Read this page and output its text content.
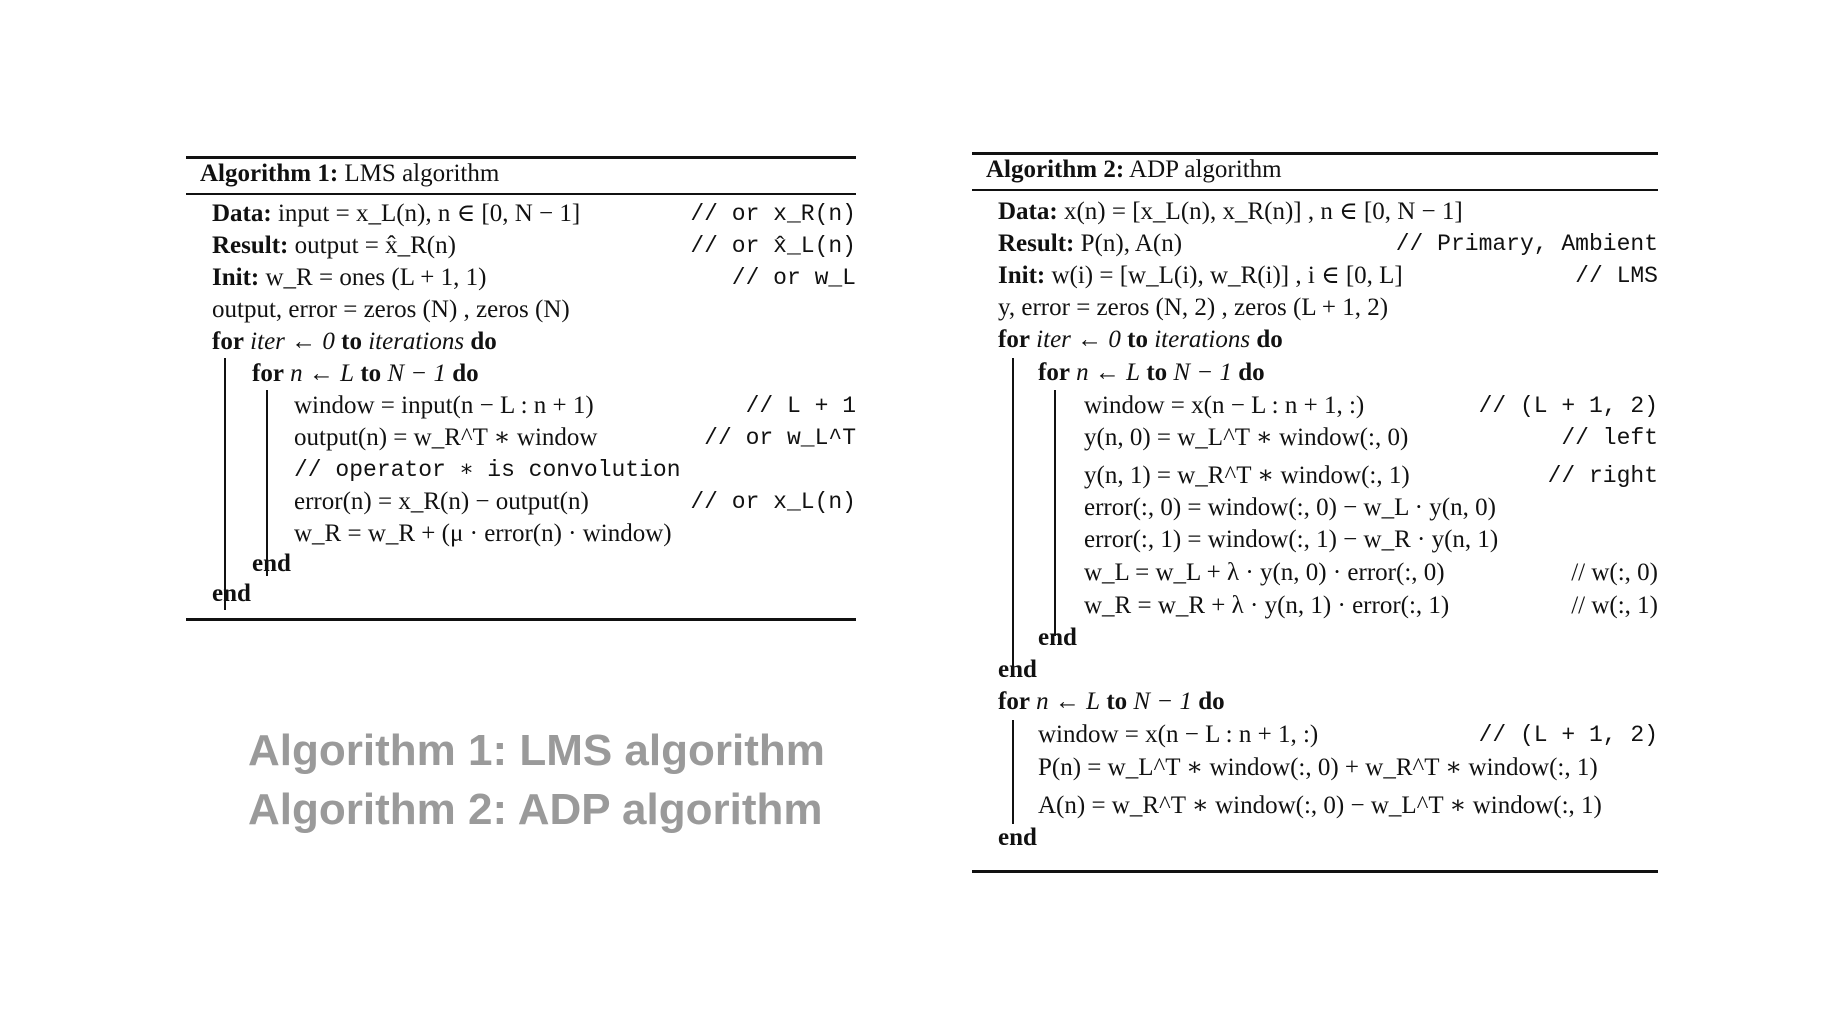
Algorithm 1: LMS algorithm
Data: input = x_L(n), n ∈ [0, N − 1]	// or x_R(n)
Result: output = x̂_R(n)	// or x̂_L(n)
Init: w_R = ones (L + 1, 1)	// or w_L
output, error = zeros (N) , zeros (N)
for iter ← 0 to iterations do
for n ← L to N − 1 do
window = input(n − L : n + 1)	// L + 1
output(n) = w_R^T ∗ window	// or w_L^T
// operator ∗ is convolution
error(n) = x_R(n) − output(n)	// or x_L(n)
w_R = w_R + (μ · error(n) · window)
end
end
Algorithm 2: ADP algorithm
Data: x(n) = [x_L(n), x_R(n)] , n ∈ [0, N − 1]
Result: P(n), A(n)	// Primary, Ambient
Init: w(i) = [w_L(i), w_R(i)] , i ∈ [0, L]	// LMS
y, error = zeros (N, 2) , zeros (L + 1, 2)
for iter ← 0 to iterations do
for n ← L to N − 1 do
window = x(n − L : n + 1, :)	// (L + 1, 2)
y(n, 0) = w_L^T ∗ window(:, 0)	// left
y(n, 1) = w_R^T ∗ window(:, 1)	// right
error(:, 0) = window(:, 0) − w_L · y(n, 0)
error(:, 1) = window(:, 1) − w_R · y(n, 1)
w_L = w_L + λ · y(n, 0) · error(:, 0)	// w(:, 0)
w_R = w_R + λ · y(n, 1) · error(:, 1)	// w(:, 1)
end
end
for n ← L to N − 1 do
window = x(n − L : n + 1, :)	// (L + 1, 2)
P(n) = w_L^T ∗ window(:, 0) + w_R^T ∗ window(:, 1)
A(n) = w_R^T ∗ window(:, 0) − w_L^T ∗ window(:, 1)
end
Algorithm 1: LMS algorithm
Algorithm 2: ADP algorithm
